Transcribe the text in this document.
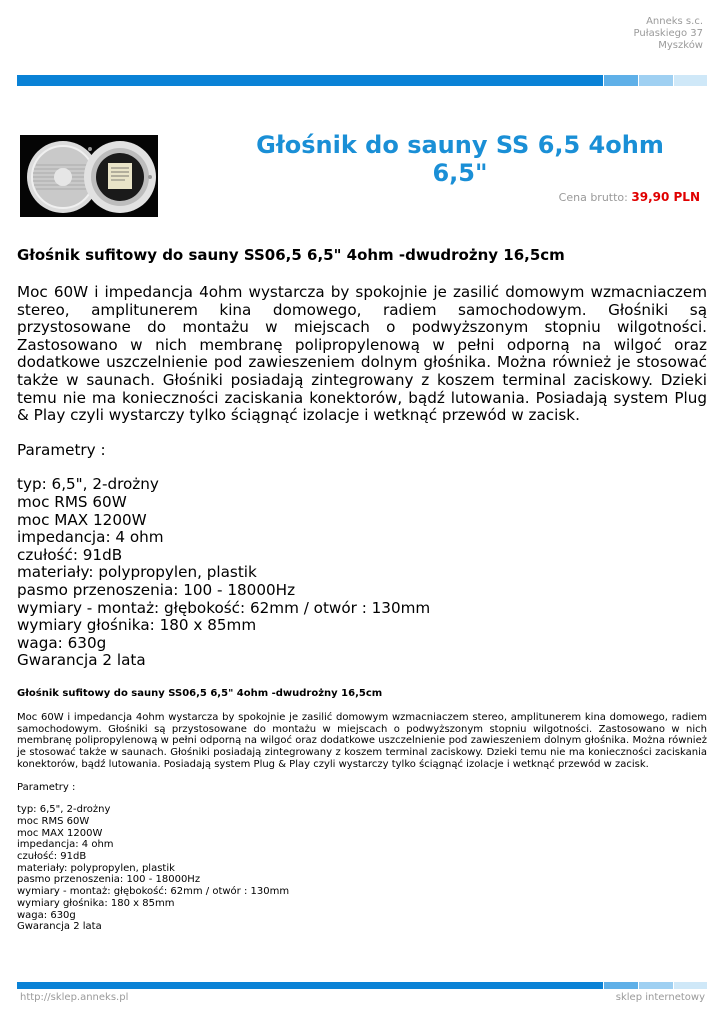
Anneks s.c.
Pułaskiego 37
Myszków
Głośnik do sauny SS 6,5 4ohm
6,5"
Cena brutto: 39,90 PLN
Głośnik sufitowy do sauny SS06,5 6,5" 4ohm -dwudrożny 16,5cm

Moc 60W i impedancja 4ohm wystarcza by spokojnie je zasilić domowym wzmacniaczem stereo, amplitunerem kina domowego, radiem samochodowym. Głośniki są przystosowane do montażu w miejscach o podwyższonym stopniu wilgotności. Zastosowano w nich membranę polipropylenową w pełni odporną na wilgoć oraz dodatkowe uszczelnienie pod zawieszeniem dolnym głośnika. Można również je stosować także w saunach. Głośniki posiadają zintegrowany z koszem terminal zaciskowy. Dzieki temu nie ma konieczności zaciskania konektorów, bądź lutowania. Posiadają system Plug & Play czyli wystarczy tylko ściągnąć izolacje i wetknąć przewód w zacisk.

Parametry :

typ: 6,5", 2-drożny
moc RMS 60W
moc MAX 1200W
impedancja: 4 ohm
czułość: 91dB
materiały: polypropylen, plastik
pasmo przenoszenia: 100 - 18000Hz
wymiary - montaż: głębokość: 62mm / otwór : 130mm
wymiary głośnika: 180 x 85mm
waga: 630g
Gwarancja 2 lata
Głośnik sufitowy do sauny SS06,5 6,5" 4ohm -dwudrożny 16,5cm

Moc 60W i impedancja 4ohm wystarcza by spokojnie je zasilić domowym wzmacniaczem stereo, amplitunerem kina domowego, radiem samochodowym. Głośniki są przystosowane do montażu w miejscach o podwyższonym stopniu wilgotności. Zastosowano w nich membranę polipropylenową w pełni odporną na wilgoć oraz dodatkowe uszczelnienie pod zawieszeniem dolnym głośnika. Można również je stosować także w saunach. Głośniki posiadają zintegrowany z koszem terminal zaciskowy. Dzieki temu nie ma konieczności zaciskania konektorów, bądź lutowania. Posiadają system Plug & Play czyli wystarczy tylko ściągnąć izolacje i wetknąć przewód w zacisk.

Parametry :

typ: 6,5", 2-drożny
moc RMS 60W
moc MAX 1200W
impedancja: 4 ohm
czułość: 91dB
materiały: polypropylen, plastik
pasmo przenoszenia: 100 - 18000Hz
wymiary - montaż: głębokość: 62mm / otwór : 130mm
wymiary głośnika: 180 x 85mm
waga: 630g
Gwarancja 2 lata
http://sklep.anneks.pl	sklep internetowy
